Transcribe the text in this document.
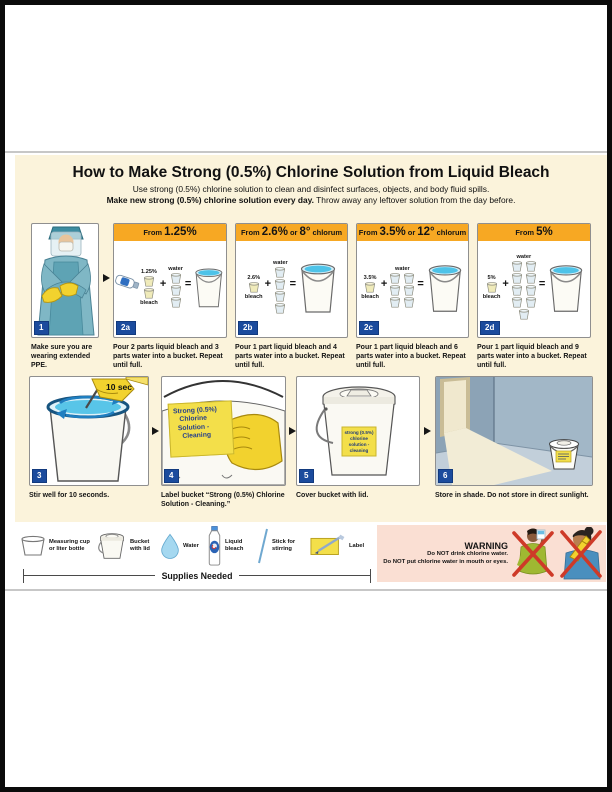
How to Make Strong (0.5%) Chlorine Solution from Liquid Bleach
Use strong (0.5%) chlorine solution to clean and disinfect surfaces, objects, and body fluid spills.
Make new strong (0.5%) chlorine solution every day. Throw away any leftover solution from the day before.
1
Make sure you are wearing extended PPE.
From 1.25%
1.25%
bleach
+
water
=
2a
Pour 2 parts liquid bleach and 3 parts water into a bucket. Repeat until full.
From 2.6% or 8° chlorum
2.6%
bleach
+
water
=
2b
Pour 1 part liquid bleach and 4 parts water into a bucket. Repeat until full.
From 3.5% or 12° chlorum
3.5%
bleach
+
water
=
2c
Pour 1 part liquid bleach and 6 parts water into a bucket. Repeat until full.
From 5%
5%
bleach
+
water
=
2d
Pour 1 part liquid bleach and 9 parts water into a bucket. Repeat until full.
10 sec
3
Stir well for 10 seconds.
Strong (0.5%)
Chlorine
Solution -
Cleaning
4
Label bucket “Strong (0.5%) Chlorine Solution - Cleaning.”
strong (0.5%)
chlorine
solution -
cleaning
5
Cover bucket with lid.
6
Store in shade. Do not store in direct sunlight.
Measuring cup or liter bottle
Bucket with lid
Water
Liquid bleach
Stick for stirring
Label
Supplies Needed
WARNING
Do NOT drink chlorine water.
Do NOT put chlorine water in mouth or eyes.
